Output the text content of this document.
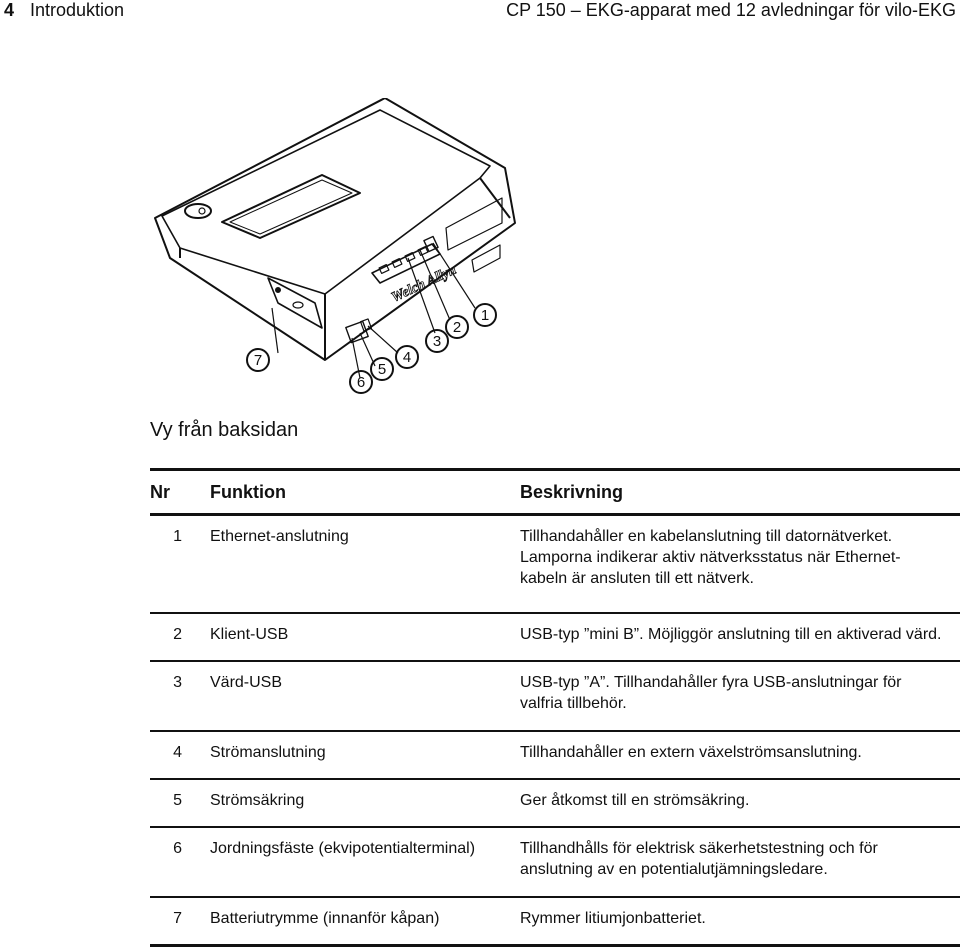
4 Introduktion	CP 150 – EKG-apparat med 12 avledningar för vilo-EKG
1
2
3
4
5
6
7
Welch Allyn
Vy från baksidan
Nr	Funktion	Beskrivning
1 Ethernet-anslutning	Tillhandahåller en kabelanslutning till datornätverket. Lamporna indikerar aktiv nätverksstatus när Ethernet-kabeln är ansluten till ett nätverk.
2 Klient-USB	USB-typ ”mini B”. Möjliggör anslutning till en aktiverad värd.
3 Värd-USB	USB-typ ”A”. Tillhandahåller fyra USB-anslutningar för valfria tillbehör.
4 Strömanslutning	Tillhandahåller en extern växelströmsanslutning.
5 Strömsäkring	Ger åtkomst till en strömsäkring.
6 Jordningsfäste (ekvipotentialterminal)	Tillhandhålls för elektrisk säkerhetstestning och för anslutning av en potentialutjämningsledare.
7 Batteriutrymme (innanför kåpan)	Rymmer litiumjonbatteriet.
